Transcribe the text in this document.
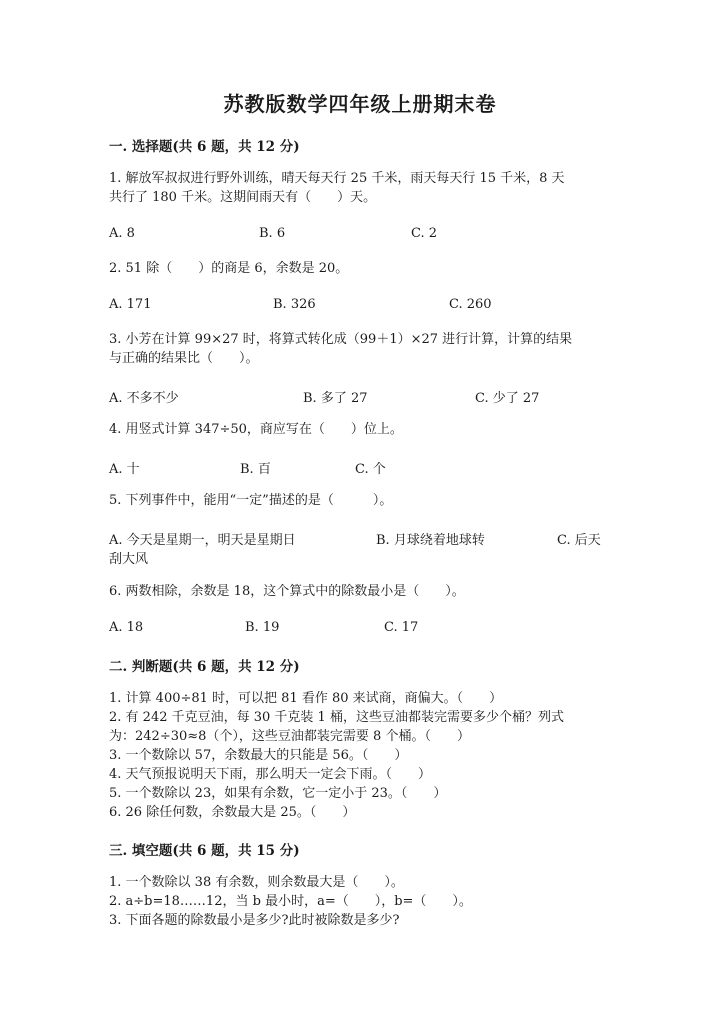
苏教版数学四年级上册期末卷
一. 选择题(共 6 题，共 12 分)
1. 解放军叔叔进行野外训练，晴天每天行 25 千米，雨天每天行 15 千米，8 天
共行了 180 千米。这期间雨天有（　　）天。
A. 8	B. 6	C. 2
2. 51 除（　　）的商是 6，余数是 20。
A. 171	B. 326	C. 260
3. 小芳在计算 99×27 时，将算式转化成（99＋1）×27 进行计算，计算的结果
与正确的结果比（　　）。
A. 不多不少	B. 多了 27	C. 少了 27
4. 用竖式计算 347÷50，商应写在（　　）位上。
A. 十	B. 百	C. 个
5. 下列事件中，能用“一定”描述的是（　　　）。
A. 今天是星期一，明天是星期日	B. 月球绕着地球转	C. 后天
刮大风
6. 两数相除，余数是 18，这个算式中的除数最小是（　　）。
A. 18	B. 19	C. 17
二. 判断题(共 6 题，共 12 分)
1. 计算 400÷81 时，可以把 81 看作 80 来试商，商偏大。（　　）
2. 有 242 千克豆油，每 30 千克装 1 桶，这些豆油都装完需要多少个桶？列式
为：242÷30≈8（个），这些豆油都装完需要 8 个桶。（　　）
3. 一个数除以 57，余数最大的只能是 56。（　　）
4. 天气预报说明天下雨，那么明天一定会下雨。（　　）
5. 一个数除以 23，如果有余数，它一定小于 23。（　　）
6. 26 除任何数，余数最大是 25。（　　）
三. 填空题(共 6 题，共 15 分)
1. 一个数除以 38 有余数，则余数最大是（　　）。
2. a÷b=18……12，当 b 最小时，a=（　　），b=（　　）。
3. 下面各题的除数最小是多少?此时被除数是多少?
